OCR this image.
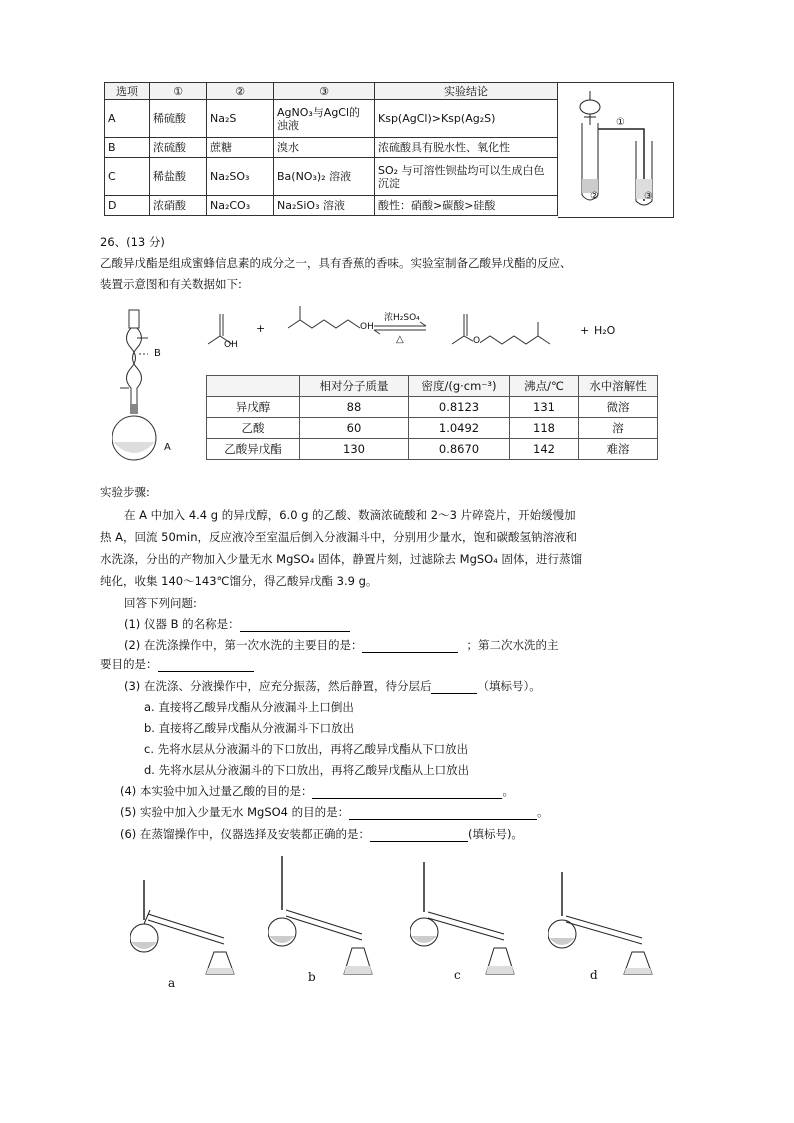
选项	①	②	③	实验结论
A	稀硫酸	Na₂S	AgNO₃与AgCl的浊液	Ksp(AgCl)>Ksp(Ag₂S)
B	浓硫酸	蔗糖	溴水	浓硫酸具有脱水性、氧化性
C	稀盐酸	Na₂SO₃	Ba(NO₃)₂ 溶液	SO₂ 与可溶性钡盐均可以生成白色沉淀
D	浓硝酸	Na₂CO₃	Na₂SiO₃ 溶液	酸性：硝酸>碳酸>硅酸
①
②	③
26、(13 分)
乙酸异戊酯是组成蜜蜂信息素的成分之一，具有香蕉的香味。实验室制备乙酸异戊酯的反应、
装置示意图和有关数据如下:
B
A
OH
+	OH
浓H₂SO₄
△	O
+ H₂O
	相对分子质量	密度/(g·cm⁻³)	沸点/℃	水中溶解性
异戊醇	88	0.8123	131	微溶
乙酸	60	1.0492	118	溶
乙酸异戊酯	130	0.8670	142	难溶
实验步骤:
在 A 中加入 4.4 g 的异戊醇，6.0 g 的乙酸、数滴浓硫酸和 2～3 片碎瓷片，开始缓慢加
热 A，回流 50min，反应液冷至室温后倒入分液漏斗中，分别用少量水，饱和碳酸氢钠溶液和
水洗涤，分出的产物加入少量无水 MgSO₄ 固体，静置片刻，过滤除去 MgSO₄ 固体，进行蒸馏
纯化，收集 140～143℃馏分，得乙酸异戊酯 3.9 g。
回答下列问题:
(1) 仪器 B 的名称是：
(2) 在洗涤操作中，第一次水洗的主要目的是：	；第二次水洗的主
要目的是：
(3) 在洗涤、分液操作中，应充分振荡，然后静置，待分层后	（填标号）。
a. 直接将乙酸异戊酯从分液漏斗上口倒出
b. 直接将乙酸异戊酯从分液漏斗下口放出
c. 先将水层从分液漏斗的下口放出，再将乙酸异戊酯从下口放出
d. 先将水层从分液漏斗的下口放出，再将乙酸异戊酯从上口放出
(4) 本实验中加入过量乙酸的目的是：	。
(5) 实验中加入少量无水 MgSO4 的目的是：	。
(6) 在蒸馏操作中，仪器选择及安装都正确的是：	(填标号)。
a	b	c	d
